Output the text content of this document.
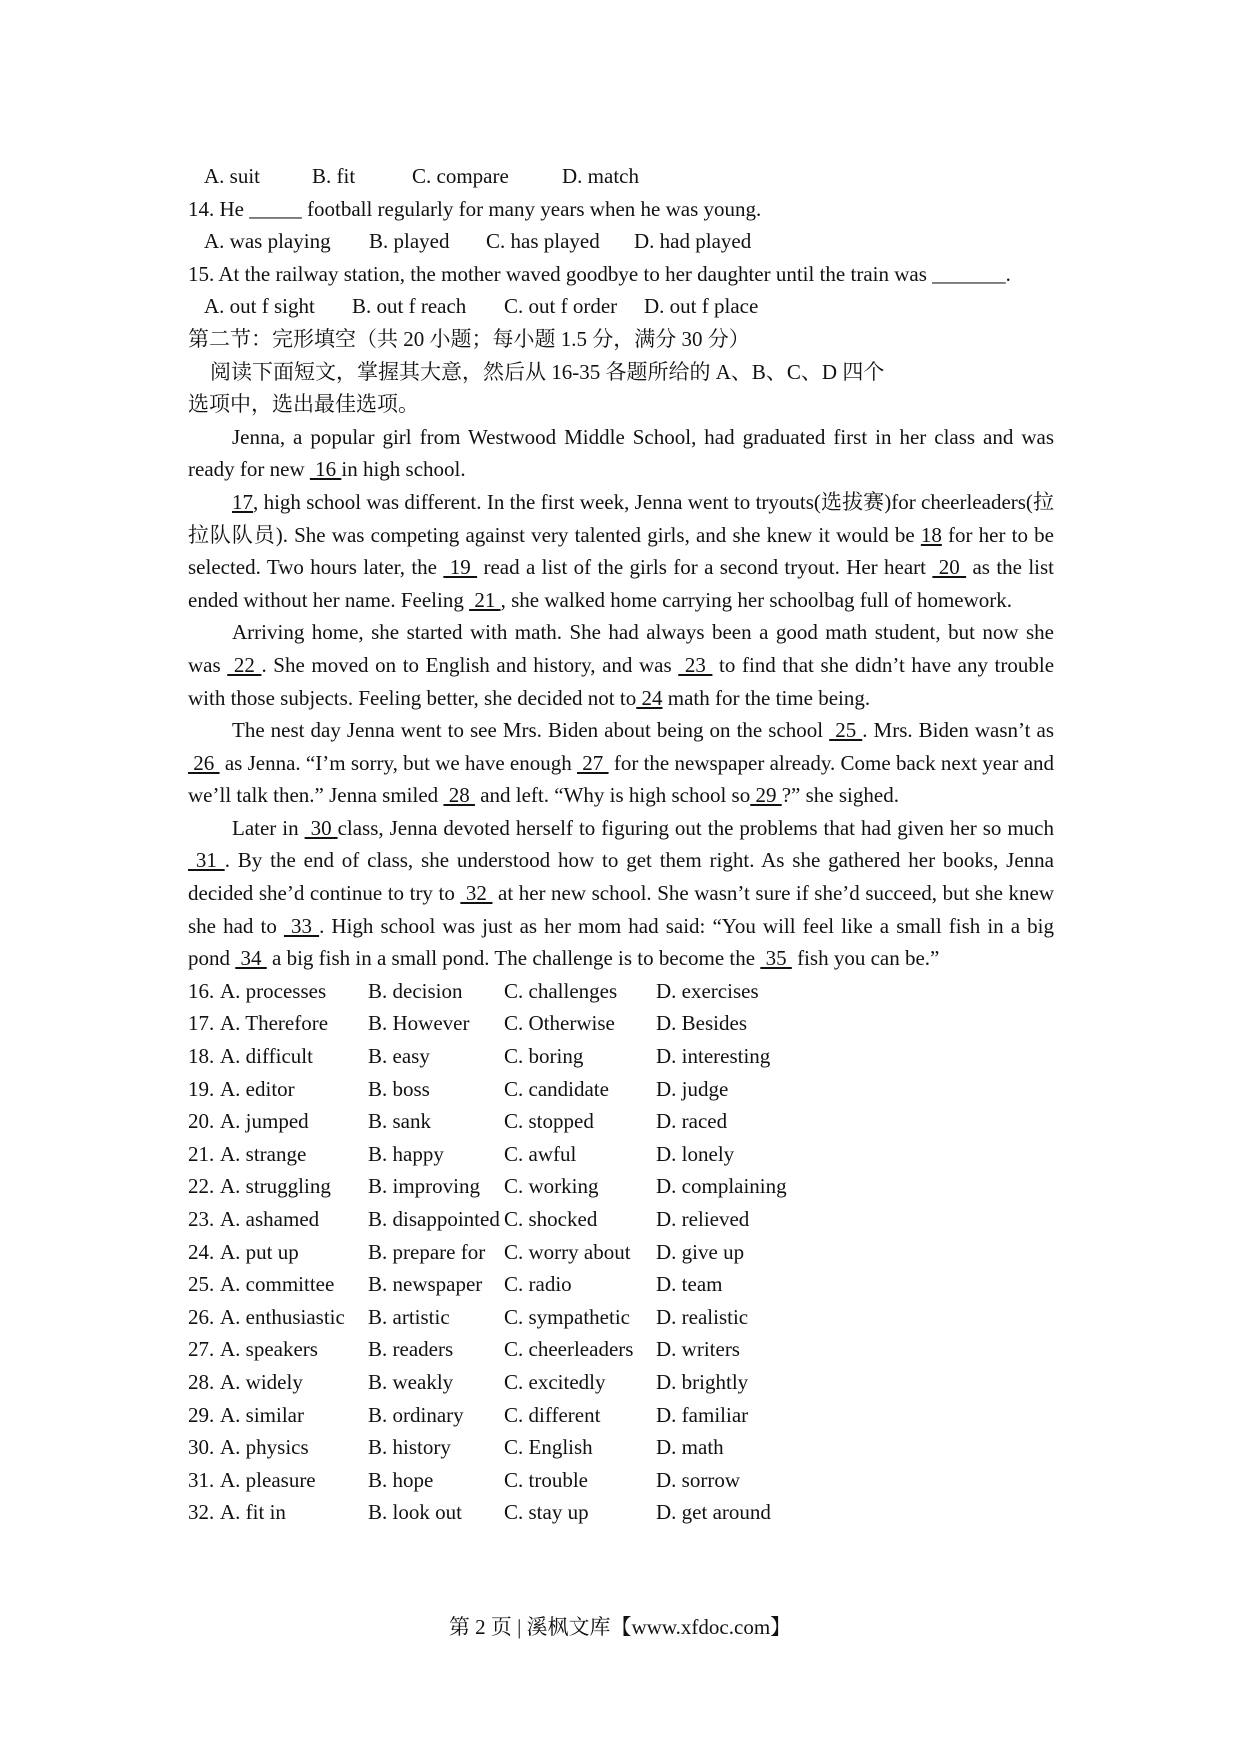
A. suit B. fit	C. compare	D. match
14. He _____ football regularly for many years when he was young.
A. was playing B. played C. has played D. had played
15. At the railway station, the mother waved goodbye to her daughter until the train was _______.
A. out f sight B. out f reach C. out f order D. out f place
第二节：完形填空（共 20 小题；每小题 1.5 分，满分 30 分）
阅读下面短文，掌握其大意，然后从 16-35 各题所给的 A、B、C、D 四个
选项中，选出最佳选项。

Jenna, a popular girl from Westwood Middle School, had graduated first in her class and was ready for new  16 in high school.

17, high school was different. In the first week, Jenna went to tryouts(选拔赛)for cheerleaders(拉拉队队员). She was competing against very talented girls, and she knew it would be 18 for her to be selected. Two hours later, the  19  read a list of the girls for a second tryout. Her heart  20  as the list ended without her name. Feeling  21 , she walked home carrying her schoolbag full of homework.

Arriving home, she started with math. She had always been a good math student, but now she was  22 . She moved on to English and history, and was  23  to find that she didn’t have any trouble with those subjects. Feeling better, she decided not to 24 math for the time being.

The nest day Jenna went to see Mrs. Biden about being on the school  25 . Mrs. Biden wasn’t as  26  as Jenna. “I’m sorry, but we have enough  27  for the newspaper already. Come back next year and we’ll talk then.” Jenna smiled  28  and left. “Why is high school so 29 ?” she sighed.

Later in  30 class, Jenna devoted herself to figuring out the problems that had given her so much 31 . By the end of class, she understood how to get them right. As she gathered her books, Jenna decided she’d continue to try to  32  at her new school. She wasn’t sure if she’d succeed, but she knew she had to  33 . High school was just as her mom had said: “You will feel like a small fish in a big pond  34  a big fish in a small pond. The challenge is to become the  35  fish you can be.”

16. A. processes B. decision C. challenges D. exercises
17. A. Therefore B. However C. Otherwise D. Besides
18. A. difficult	B. easy	C. boring	D. interesting
19. A. editor	B. boss	C. candidate D. judge
20. A. jumped	B. sank	C. stopped	D. raced
21. A. strange	B. happy	C. awful	D. lonely
22. A. struggling B. improving C. working	D. complaining
23. A. ashamed B. disappointed C. shocked	D. relieved
24. A. put up	B. prepare for C. worry about D. give up
25. A. committee B. newspaper C. radio	D. team
26. A. enthusiastic B. artistic	C. sympathetic D. realistic
27. A. speakers B. readers C. cheerleaders D. writers
28. A. widely	B. weakly C. excitedly D. brightly
29. A. similar	B. ordinary C. different	D. familiar
30. A. physics	B. history	C. English	D. math
31. A. pleasure B. hope	C. trouble	D. sorrow
32. A. fit in	B. look out C. stay up	D. get around
第 2 页 | 溪枫文库【www.xfdoc.com】
